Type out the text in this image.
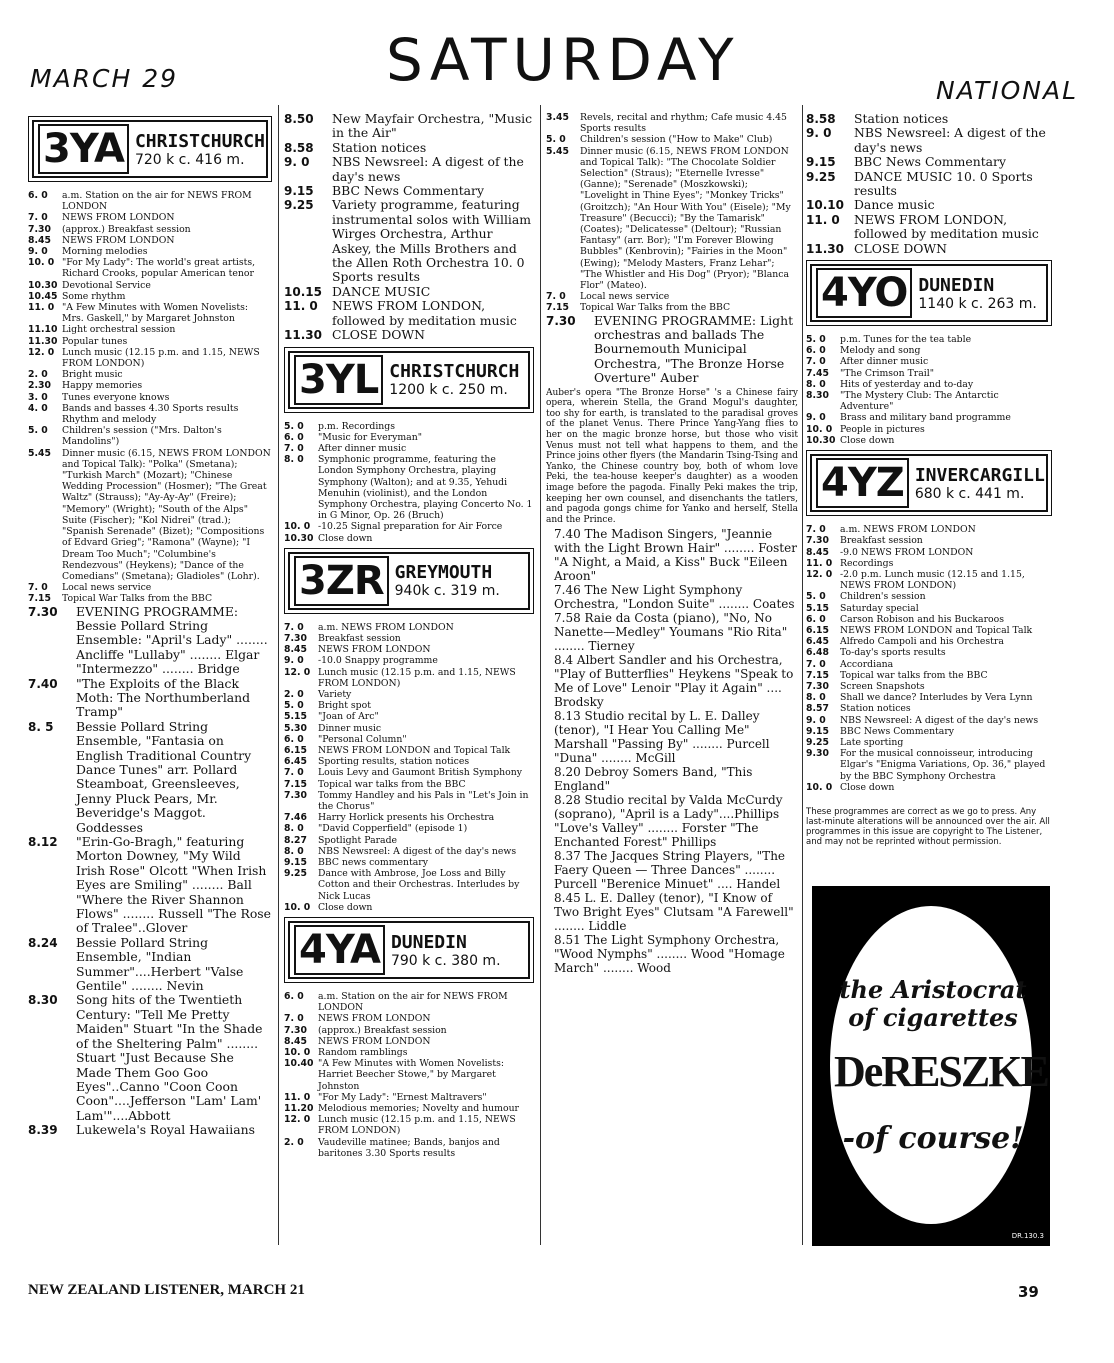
MARCH 29	SATURDAY	NATIONAL
3YA CHRISTCHURCH
720 k c. 416 m.
6. 0	a.m. Station on the air for NEWS FROM LONDON
7. 0	NEWS FROM LONDON
7.30	(approx.) Breakfast session
8.45	NEWS FROM LONDON
9. 0	Morning melodies
10. 0 "For My Lady": The world's great artists, Richard Crooks, popular American tenor
10.30 Devotional Service
10.45 Some rhythm
11. 0 "A Few Minutes with Women Novelists: Mrs. Gaskell," by Margaret Johnston
11.10 Light orchestral session
11.30 Popular tunes
12. 0 Lunch music (12.15 p.m. and 1.15, NEWS FROM LONDON)
2. 0	Bright music
2.30	Happy memories
3. 0	Tunes everyone knows
4. 0	Bands and basses 4.30 Sports results Rhythm and melody
5. 0	Children's session ("Mrs. Dalton's Mandolins")
5.45	Dinner music (6.15, NEWS FROM LONDON and Topical Talk): "Polka" (Smetana); "Turkish March" (Mozart); "Chinese Wedding Procession" (Hosmer); "The Great Waltz" (Strauss); "Ay-Ay-Ay" (Freire); "Memory" (Wright); "South of the Alps" Suite (Fischer); "Kol Nidrei" (trad.); "Spanish Serenade" (Bizet); "Compositions of Edvard Grieg"; "Ramona" (Wayne); "I Dream Too Much"; "Columbine's Rendezvous" (Heykens); "Dance of the Comedians" (Smetana); Gladioles" (Lohr).
7. 0	Local news service
7.15	Topical War Talks from the BBC
7.30	EVENING PROGRAMME: Bessie Pollard String Ensemble: "April's Lady" ........ Ancliffe "Lullaby" ........ Elgar "Intermezzo" ........ Bridge
7.40	"The Exploits of the Black Moth: The Northumberland Tramp"
8. 5	Bessie Pollard String Ensemble, "Fantasia on English Traditional Country Dance Tunes" arr. Pollard Steamboat, Greensleeves, Jenny Pluck Pears, Mr. Beveridge's Maggot. Goddesses
8.12	"Erin-Go-Bragh," featuring Morton Downey, "My Wild Irish Rose" Olcott "When Irish Eyes are Smiling" ........ Ball "Where the River Shannon Flows" ........ Russell "The Rose of Tralee"..Glover
8.24	Bessie Pollard String Ensemble, "Indian Summer"....Herbert "Valse Gentile" ........ Nevin
8.30	Song hits of the Twentieth Century: "Tell Me Pretty Maiden" Stuart "In the Shade of the Sheltering Palm" ........ Stuart "Just Because She Made Them Goo Goo Eyes"..Canno "Coon Coon Coon"....Jefferson "Lam' Lam' Lam'"....Abbott
8.39	Lukewela's Royal Hawaiians
8.50	New Mayfair Orchestra, "Music in the Air"
8.58	Station notices
9. 0	NBS Newsreel: A digest of the day's news
9.15	BBC News Commentary
9.25	Variety programme, featuring instrumental solos with William Wirges Orchestra, Arthur Askey, the Mills Brothers and the Allen Roth Orchestra 10. 0 Sports results
10.15 DANCE MUSIC
11. 0	NEWS FROM LONDON, followed by meditation music
11.30 CLOSE DOWN
3YL CHRISTCHURCH
1200 k c. 250 m.
5. 0	p.m. Recordings
6. 0	"Music for Everyman"
7. 0	After dinner music
8. 0	Symphonic programme, featuring the London Symphony Orchestra, playing Symphony (Walton); and at 9.35, Yehudi Menuhin (violinist), and the London Symphony Orchestra, playing Concerto No. 1 in G Minor, Op. 26 (Bruch)
10. 0 -10.25 Signal preparation for Air Force
10.30 Close down
3ZR GREYMOUTH
940k c. 319 m.
7. 0	a.m. NEWS FROM LONDON
7.30	Breakfast session
8.45	NEWS FROM LONDON
9. 0	-10.0 Snappy programme
12. 0 Lunch music (12.15 p.m. and 1.15, NEWS FROM LONDON)
2. 0	Variety
5. 0	Bright spot
5.15	"Joan of Arc"
5.30	Dinner music
6. 0	"Personal Column"
6.15	NEWS FROM LONDON and Topical Talk
6.45	Sporting results, station notices
7. 0	Louis Levy and Gaumont British Symphony
7.15	Topical war talks from the BBC
7.30	Tommy Handley and his Pals in "Let's Join in the Chorus"
7.46	Harry Horlick presents his Orchestra
8. 0	"David Copperfield" (episode 1)
8.27	Spotlight Parade
8. 0	NBS Newsreel: A digest of the day's news
9.15	BBC news commentary
9.25	Dance with Ambrose, Joe Loss and Billy Cotton and their Orchestras. Interludes by Nick Lucas
10. 0 Close down
4YA DUNEDIN
790 k c. 380 m.
6. 0	a.m. Station on the air for NEWS FROM LONDON
7. 0	NEWS FROM LONDON
7.30	(approx.) Breakfast session
8.45	NEWS FROM LONDON
10. 0 Random ramblings
10.40 "A Few Minutes with Women Novelists: Harriet Beecher Stowe," by Margaret Johnston
11. 0 "For My Lady": "Ernest Maltravers"
11.20 Melodious memories; Novelty and humour
12. 0 Lunch music (12.15 p.m. and 1.15, NEWS FROM LONDON)
2. 0	Vaudeville matinee; Bands, banjos and baritones 3.30 Sports results
3.45	Revels, recital and rhythm; Cafe music 4.45 Sports results
5. 0	Children's session ("How to Make" Club)
5.45	Dinner music (6.15, NEWS FROM LONDON and Topical Talk): "The Chocolate Soldier Selection" (Straus); "Eternelle Ivresse" (Ganne); "Serenade" (Moszkowski); "Lovelight in Thine Eyes"; "Monkey Tricks" (Groitzch); "An Hour With You" (Eisele); "My Treasure" (Becucci); "By the Tamarisk" (Coates); "Delicatesse" (Deltour); "Russian Fantasy" (arr. Bor); "I'm Forever Blowing Bubbles" (Kenbrovin); "Fairies in the Moon" (Ewing); "Melody Masters, Franz Lehar"; "The Whistler and His Dog" (Pryor); "Blanca Flor" (Mateo).
7. 0	Local news service
7.15	Topical War Talks from the BBC
7.30	EVENING PROGRAMME: Light orchestras and ballads The Bournemouth Municipal Orchestra, "The Bronze Horse Overture" Auber
Auber's opera "The Bronze Horse" 's a Chinese fairy opera, wherein Stella, the Grand Mogul's daughter, too shy for earth, is translated to the paradisal groves of the planet Venus. There Prince Yang-Yang flies to her on the magic bronze horse, but those who visit Venus must not tell what happens to them, and the Prince joins other flyers (the Mandarin Tsing-Tsing and Yanko, the Chinese country boy, both of whom love Peki, the tea-house keeper's daughter) as a wooden image before the pagoda. Finally Peki makes the trip, keeping her own counsel, and disenchants the tatlers, and pagoda gongs chime for Yanko and herself, Stella and the Prince.
7.40 The Madison Singers, "Jeannie with the Light Brown Hair" ........ Foster "A Night, a Maid, a Kiss" Buck "Eileen Aroon"
7.46 The New Light Symphony Orchestra, "London Suite" ........ Coates
7.58 Raie da Costa (piano), "No, No Nanette—Medley" Youmans "Rio Rita" ........ Tierney
8.4 Albert Sandler and his Orchestra, "Play of Butterflies" Heykens "Speak to Me of Love" Lenoir "Play it Again" .... Brodsky
8.13 Studio recital by L. E. Dalley (tenor), "I Hear You Calling Me" Marshall "Passing By" ........ Purcell "Duna" ........ McGill
8.20 Debroy Somers Band, "This England"
8.28 Studio recital by Valda McCurdy (soprano), "April is a Lady"....Phillips "Love's Valley" ........ Forster "The Enchanted Forest" Phillips
8.37 The Jacques String Players, "The Faery Queen — Three Dances" ........ Purcell "Berenice Minuet" .... Handel
8.45 L. E. Dalley (tenor), "I Know of Two Bright Eyes" Clutsam "A Farewell" ........ Liddle
8.51 The Light Symphony Orchestra, "Wood Nymphs" ........ Wood "Homage March" ........ Wood
8.58	Station notices
9. 0	NBS Newsreel: A digest of the day's news
9.15	BBC News Commentary
9.25	DANCE MUSIC 10. 0 Sports results
10.10 Dance music
11. 0	NEWS FROM LONDON, followed by meditation music
11.30 CLOSE DOWN
4YO DUNEDIN
1140 k c. 263 m.
5. 0	p.m. Tunes for the tea table
6. 0	Melody and song
7. 0	After dinner music
7.45	"The Crimson Trail"
8. 0	Hits of yesterday and to-day
8.30	"The Mystery Club: The Antarctic Adventure"
9. 0	Brass and military band programme
10. 0 People in pictures
10.30 Close down
4YZ INVERCARGILL
680 k c. 441 m.
7. 0	a.m. NEWS FROM LONDON
7.30	Breakfast session
8.45	-9.0 NEWS FROM LONDON
11. 0 Recordings
12. 0 -2.0 p.m. Lunch music (12.15 and 1.15, NEWS FROM LONDON)
5. 0	Children's session
5.15	Saturday special
6. 0	Carson Robison and his Buckaroos
6.15	NEWS FROM LONDON and Topical Talk
6.45	Alfredo Campoli and his Orchestra
6.48	To-day's sports results
7. 0	Accordiana
7.15	Topical war talks from the BBC
7.30	Screen Snapshots
8. 0	Shall we dance? Interludes by Vera Lynn
8.57	Station notices
9. 0	NBS Newsreel: A digest of the day's news
9.15	BBC News Commentary
9.25	Late sporting
9.30	For the musical connoisseur, introducing Elgar's "Enigma Variations, Op. 36," played by the BBC Symphony Orchestra
10. 0 Close down
These programmes are correct as we go to press. Any last-minute alterations will be announced over the air. All programmes in this issue are copyright to The Listener, and may not be reprinted without permission.
the Aristocrat of cigarettes
DeRESZKE
-of course!
DR.130.3
NEW ZEALAND LISTENER, MARCH 21	39
